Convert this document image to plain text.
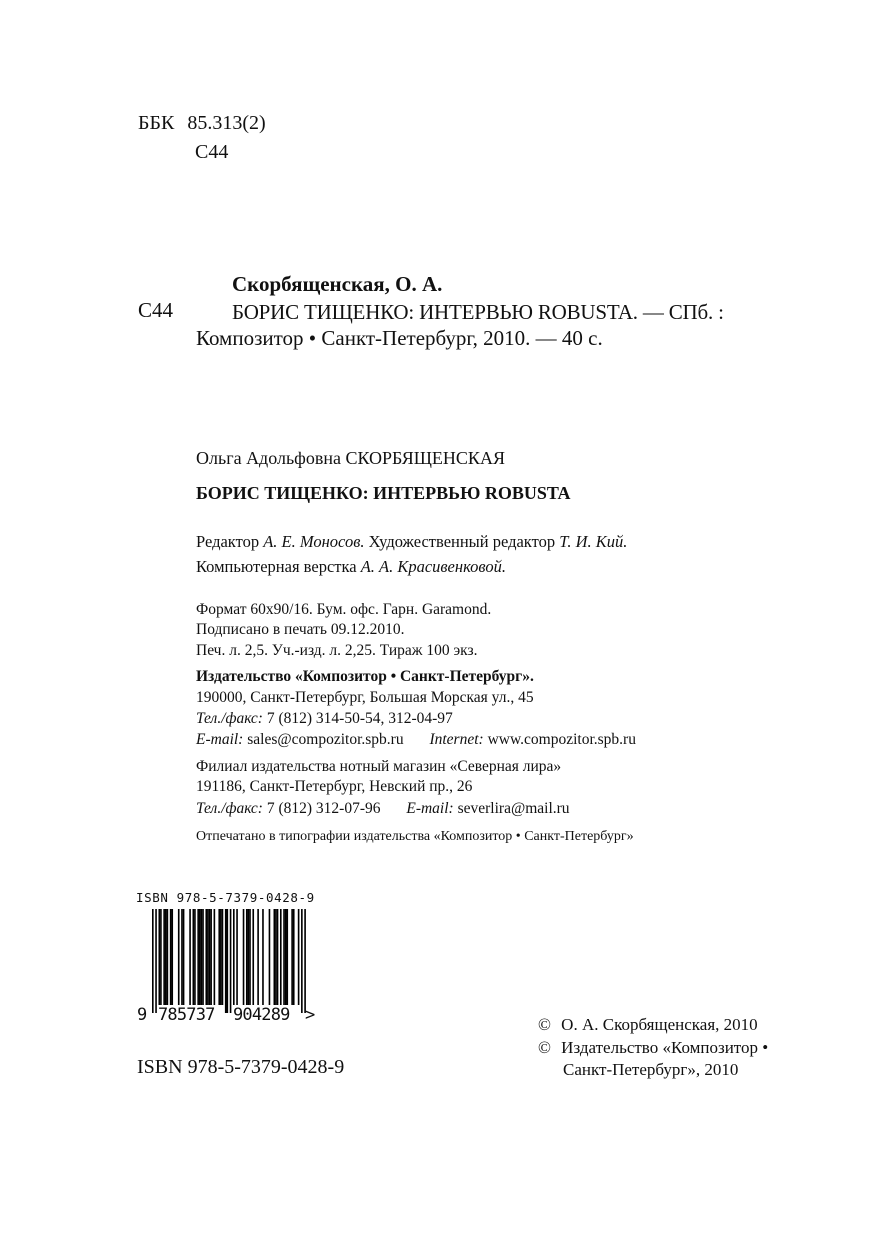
ББК 85.313(2)
С44
Скорбященская, О. А.
С44	БОРИС ТИЩЕНКО: ИНТЕРВЬЮ ROBUSTA. — СПб. :
Композитор • Санкт-Петербург, 2010. — 40 с.
Ольга Адольфовна СКОРБЯЩЕНСКАЯ
БОРИС ТИЩЕНКО: ИНТЕРВЬЮ ROBUSTA
Редактор А. Е. Моносов. Художественный редактор Т. И. Кий.
Компьютерная верстка А. А. Красивенковой.
Формат 60x90/16. Бум. офс. Гарн. Garamond.
Подписано в печать 09.12.2010.
Печ. л. 2,5. Уч.-изд. л. 2,25. Тираж 100 экз.
Издательство «Композитор • Санкт-Петербург».
190000, Санкт-Петербург, Большая Морская ул., 45
Тел./факс: 7 (812) 314-50-54, 312-04-97
E-mail: sales@compozitor.spb.ru Internet: www.compozitor.spb.ru
Филиал издательства нотный магазин «Северная лира»
191186, Санкт-Петербург, Невский пр., 26
Тел./факс: 7 (812) 312-07-96 E-mail: severlira@mail.ru
Отпечатано в типографии издательства «Композитор • Санкт-Петербург»
ISBN 978-5-7379-0428-9
9 785737 904289 >
ISBN 978-5-7379-0428-9
© О. А. Скорбященская, 2010
© Издательство «Композитор •
Санкт-Петербург», 2010
